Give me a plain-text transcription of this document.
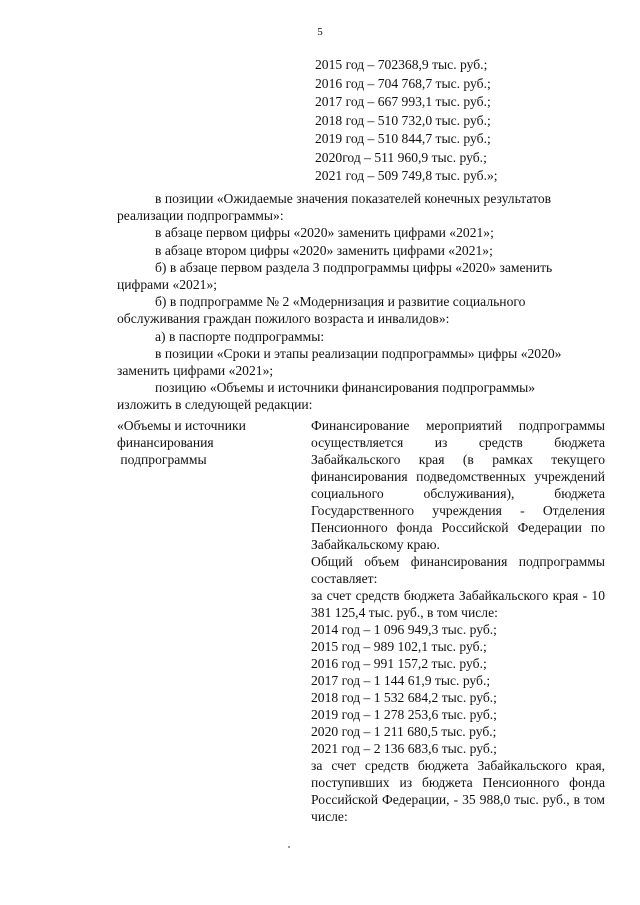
5
2015 год – 702368,9 тыс. руб.;
2016 год – 704 768,7 тыс. руб.;
2017 год – 667 993,1 тыс. руб.;
2018 год – 510 732,0 тыс. руб.;
2019 год – 510 844,7 тыс. руб.;
2020год – 511 960,9 тыс. руб.;
2021 год – 509 749,8 тыс. руб.»;

в позиции «Ожидаемые значения показателей конечных результатов

реализации подпрограммы»:

в абзаце первом цифры «2020» заменить цифрами «2021»;

в абзаце втором цифры «2020» заменить цифрами «2021»;

б) в абзаце первом раздела 3 подпрограммы цифры «2020» заменить

цифрами «2021»;

б) в подпрограмме № 2 «Модернизация и развитие социального

обслуживания граждан пожилого возраста и инвалидов»:

а) в паспорте подпрограммы:

в позиции «Сроки и этапы реализации подпрограммы» цифры «2020»

заменить цифрами «2021»;

позицию «Объемы и источники финансирования подпрограммы»

изложить в следующей редакции:

«Объемы и источники
финансирования
подпрограммы

Финансирование мероприятий подпрограммы осуществляется из средств бюджета Забайкальского края (в рамках текущего финансирования подведомственных учреждений социального обслуживания), бюджета Государственного учреждения - Отделения Пенсионного фонда Российской Федерации по Забайкальскому краю.

Общий объем финансирования подпрограммы составляет:

за счет средств бюджета Забайкальского края - 10 381 125,4 тыс. руб., в том числе:

2014 год – 1 096 949,3 тыс. руб.;
2015 год – 989 102,1 тыс. руб.;
2016 год – 991 157,2 тыс. руб.;
2017 год – 1 144 61,9 тыс. руб.;
2018 год – 1 532 684,2 тыс. руб.;
2019 год – 1 278 253,6 тыс. руб.;
2020 год – 1 211 680,5 тыс. руб.;
2021 год – 2 136 683,6 тыс. руб.;

за счет средств бюджета Забайкальского края, поступивших из бюджета Пенсионного фонда Российской Федерации, - 35 988,0 тыс. руб., в том числе:
